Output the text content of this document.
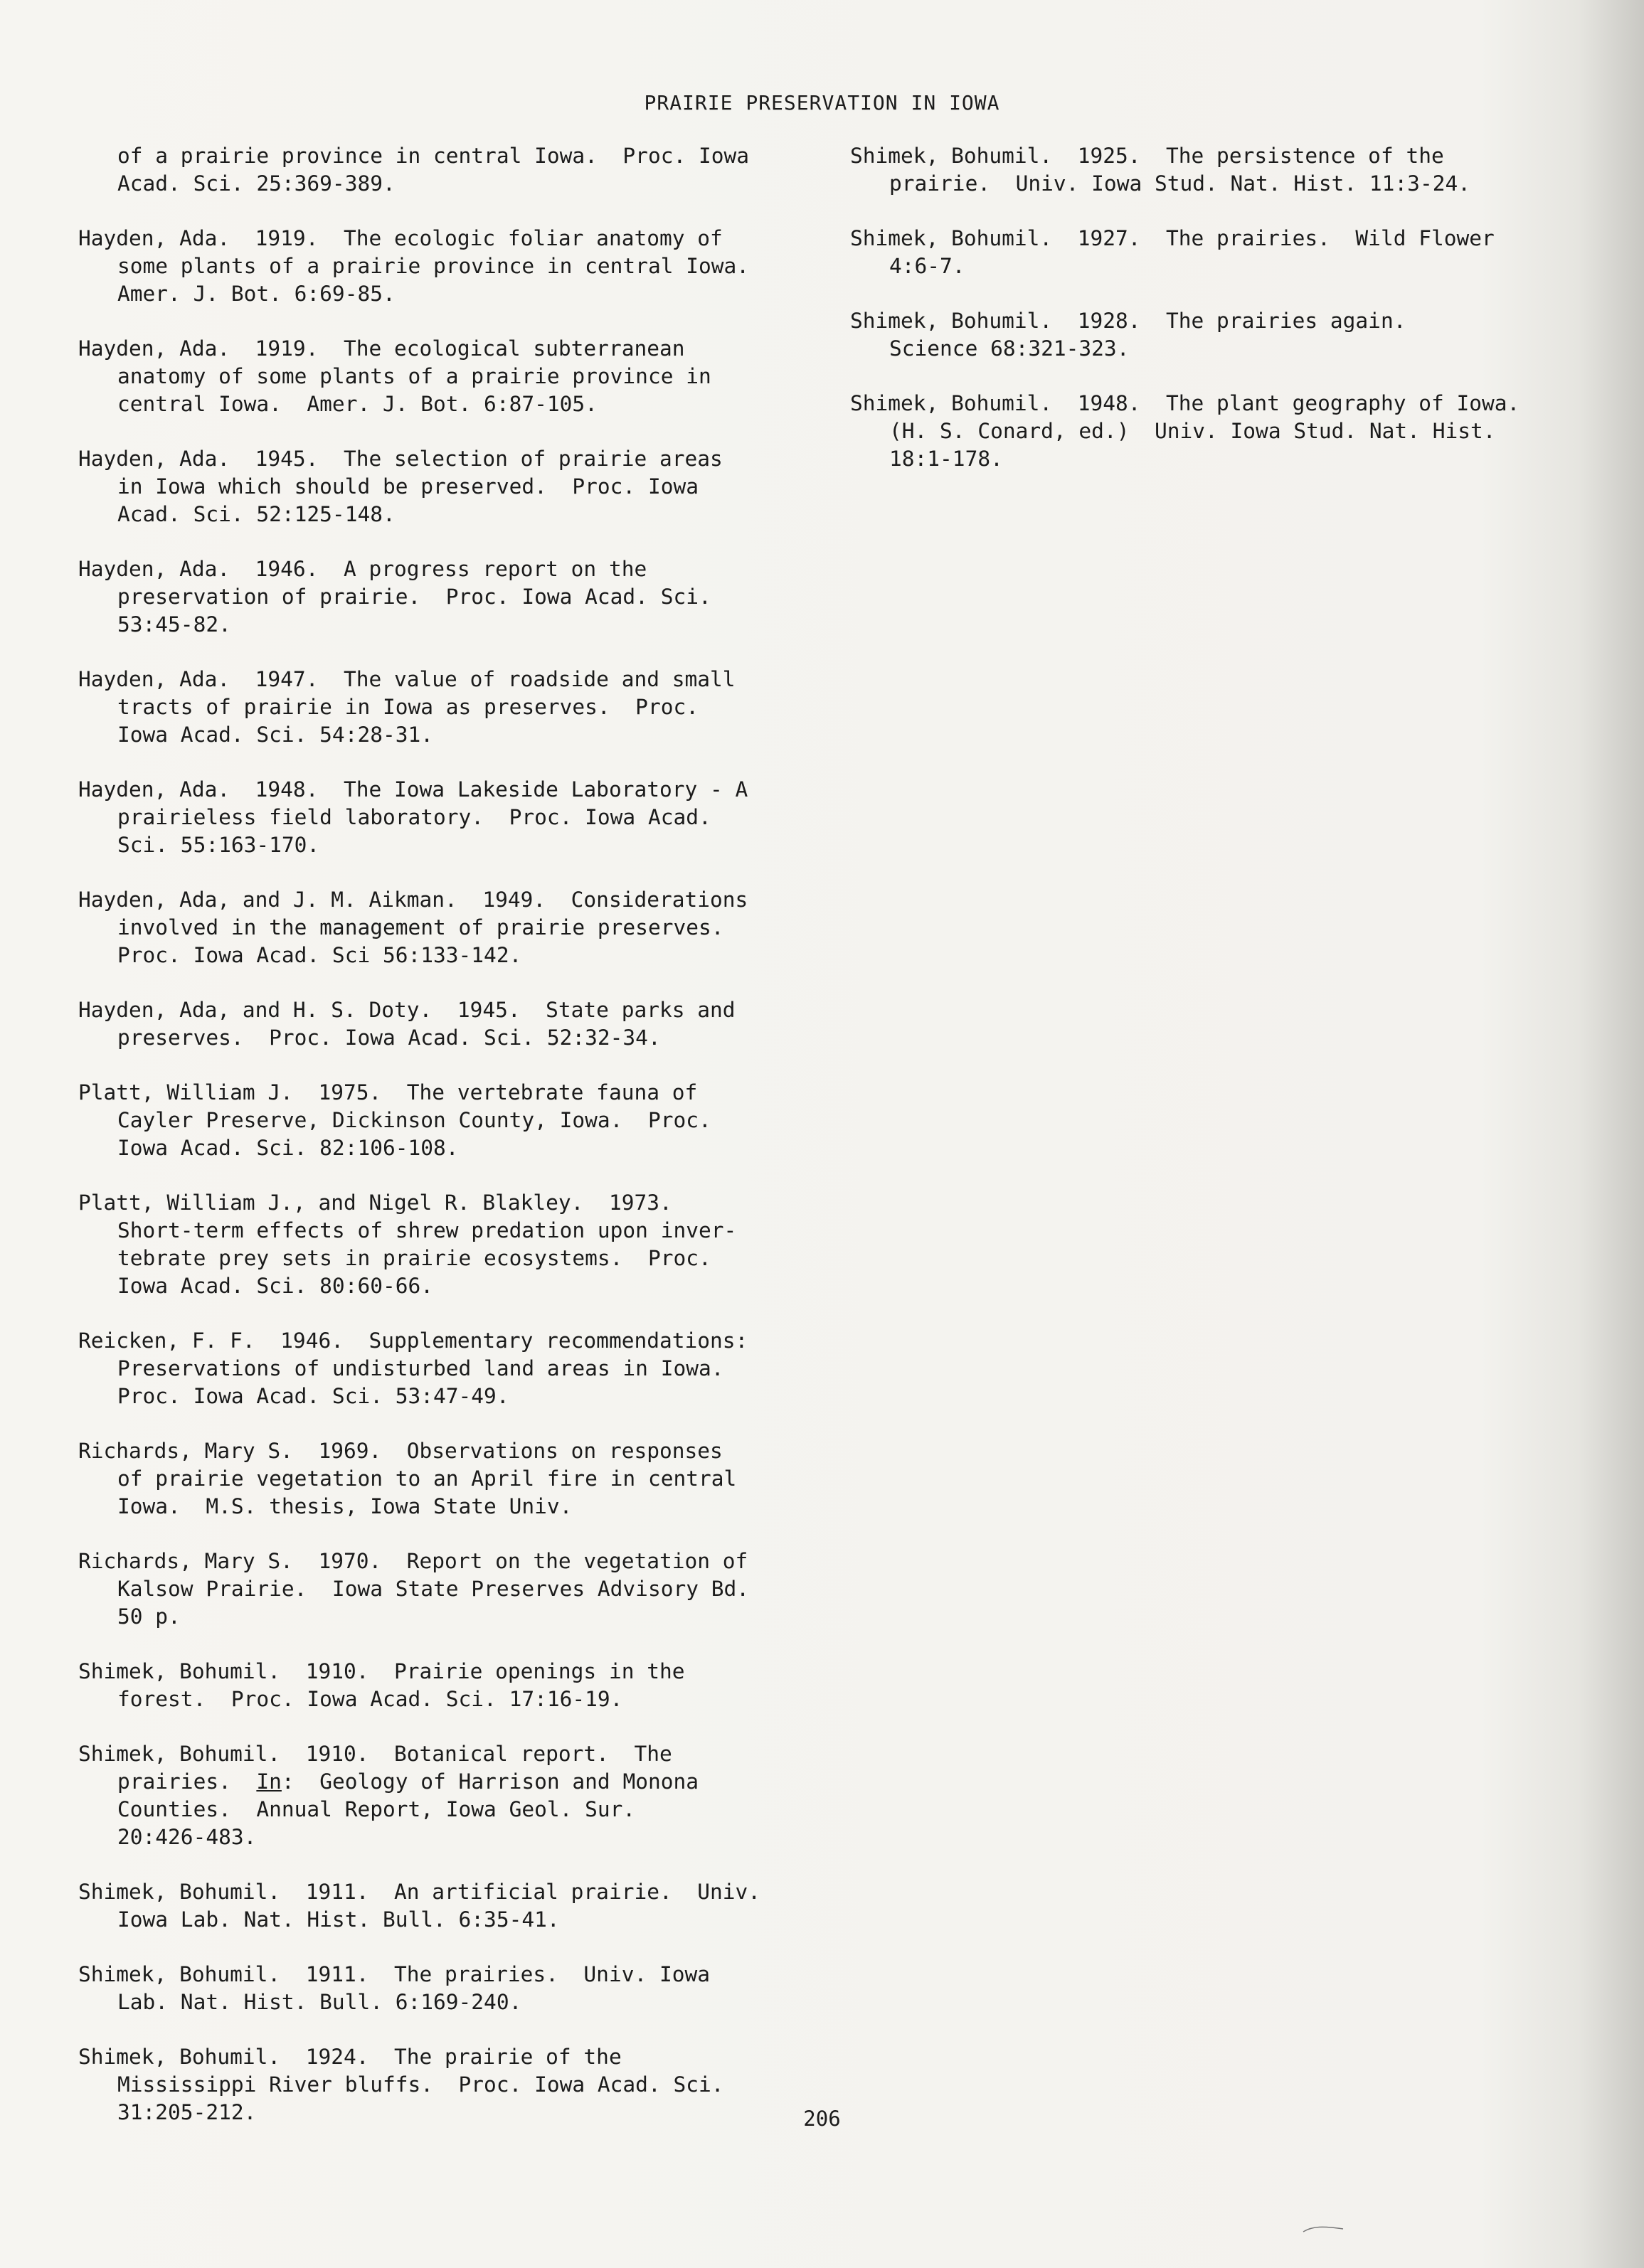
PRAIRIE PRESERVATION IN IOWA

of a prairie province in central Iowa.  Proc. Iowa
Acad. Sci. 25:369-389.

Hayden, Ada.  1919.  The ecologic foliar anatomy of
some plants of a prairie province in central Iowa.
Amer. J. Bot. 6:69-85.

Hayden, Ada.  1919.  The ecological subterranean
anatomy of some plants of a prairie province in
central Iowa.  Amer. J. Bot. 6:87-105.

Hayden, Ada.  1945.  The selection of prairie areas
in Iowa which should be preserved.  Proc. Iowa
Acad. Sci. 52:125-148.

Hayden, Ada.  1946.  A progress report on the
preservation of prairie.  Proc. Iowa Acad. Sci.
53:45-82.

Hayden, Ada.  1947.  The value of roadside and small
tracts of prairie in Iowa as preserves.  Proc.
Iowa Acad. Sci. 54:28-31.

Hayden, Ada.  1948.  The Iowa Lakeside Laboratory - A
prairieless field laboratory.  Proc. Iowa Acad.
Sci. 55:163-170.

Hayden, Ada, and J. M. Aikman.  1949.  Considerations
involved in the management of prairie preserves.
Proc. Iowa Acad. Sci 56:133-142.

Hayden, Ada, and H. S. Doty.  1945.  State parks and
preserves.  Proc. Iowa Acad. Sci. 52:32-34.

Platt, William J.  1975.  The vertebrate fauna of
Cayler Preserve, Dickinson County, Iowa.  Proc.
Iowa Acad. Sci. 82:106-108.

Platt, William J., and Nigel R. Blakley.  1973.
Short-term effects of shrew predation upon inver-
tebrate prey sets in prairie ecosystems.  Proc.
Iowa Acad. Sci. 80:60-66.

Reicken, F. F.  1946.  Supplementary recommendations:
Preservations of undisturbed land areas in Iowa.
Proc. Iowa Acad. Sci. 53:47-49.

Richards, Mary S.  1969.  Observations on responses
of prairie vegetation to an April fire in central
Iowa.  M.S. thesis, Iowa State Univ.

Richards, Mary S.  1970.  Report on the vegetation of
Kalsow Prairie.  Iowa State Preserves Advisory Bd.
50 p.

Shimek, Bohumil.  1910.  Prairie openings in the
forest.  Proc. Iowa Acad. Sci. 17:16-19.

Shimek, Bohumil.  1910.  Botanical report.  The
prairies.  In:  Geology of Harrison and Monona
Counties.  Annual Report, Iowa Geol. Sur.
20:426-483.

Shimek, Bohumil.  1911.  An artificial prairie.  Univ.
Iowa Lab. Nat. Hist. Bull. 6:35-41.

Shimek, Bohumil.  1911.  The prairies.  Univ. Iowa
Lab. Nat. Hist. Bull. 6:169-240.

Shimek, Bohumil.  1924.  The prairie of the
Mississippi River bluffs.  Proc. Iowa Acad. Sci.
31:205-212.

Shimek, Bohumil.  1925.  The persistence of the
prairie.  Univ. Iowa Stud. Nat. Hist. 11:3-24.

Shimek, Bohumil.  1927.  The prairies.  Wild Flower
4:6-7.

Shimek, Bohumil.  1928.  The prairies again.
Science 68:321-323.

Shimek, Bohumil.  1948.  The plant geography of Iowa.
(H. S. Conard, ed.)  Univ. Iowa Stud. Nat. Hist.
18:1-178.

206
